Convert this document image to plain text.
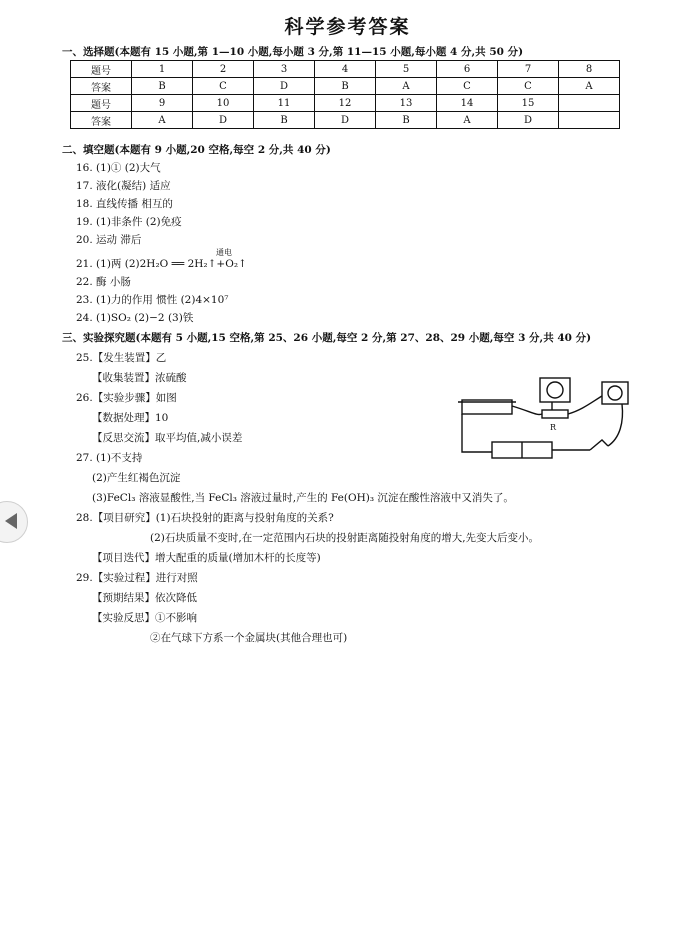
科学参考答案
一、选择题(本题有 15 小题,第 1—10 小题,每小题 3 分,第 11—15 小题,每小题 4 分,共 50 分)
题号	1	2	3	4	5	6	7	8
答案	B	C	D	B	A	C	C	A
题号	9	10	11	12	13	14	15	
答案	A	D	B	D	B	A	D	
二、填空题(本题有 9 小题,20 空格,每空 2 分,共 40 分)
16. (1)① (2)大气
17. 液化(凝结) 适应
18. 直线传播 相互的
19. (1)非条件 (2)免疫
20. 运动 滞后
通电
21. (1)两 (2)2H₂O ══ 2H₂↑+O₂↑
22. 酶 小肠
23. (1)力的作用 惯性 (2)4×10⁷
24. (1)SO₂ (2)−2 (3)铁
三、实验探究题(本题有 5 小题,15 空格,第 25、26 小题,每空 2 分,第 27、28、29 小题,每空 3 分,共 40 分)
25.【发生装置】乙
【收集装置】浓硫酸
26.【实验步骤】如图
【数据处理】10
【反思交流】取平均值,减小误差
27. (1)不支持
(2)产生红褐色沉淀
(3)FeCl₃ 溶液显酸性,当 FeCl₃ 溶液过量时,产生的 Fe(OH)₃ 沉淀在酸性溶液中又消失了。
28.【项目研究】(1)石块投射的距离与投射角度的关系?
(2)石块质量不变时,在一定范围内石块的投射距离随投射角度的增大,先变大后变小。
【项目迭代】增大配重的质量(增加木杆的长度等)
29.【实验过程】进行对照
【预期结果】依次降低
【实验反思】①不影响
②在气球下方系一个金属块(其他合理也可)
R
